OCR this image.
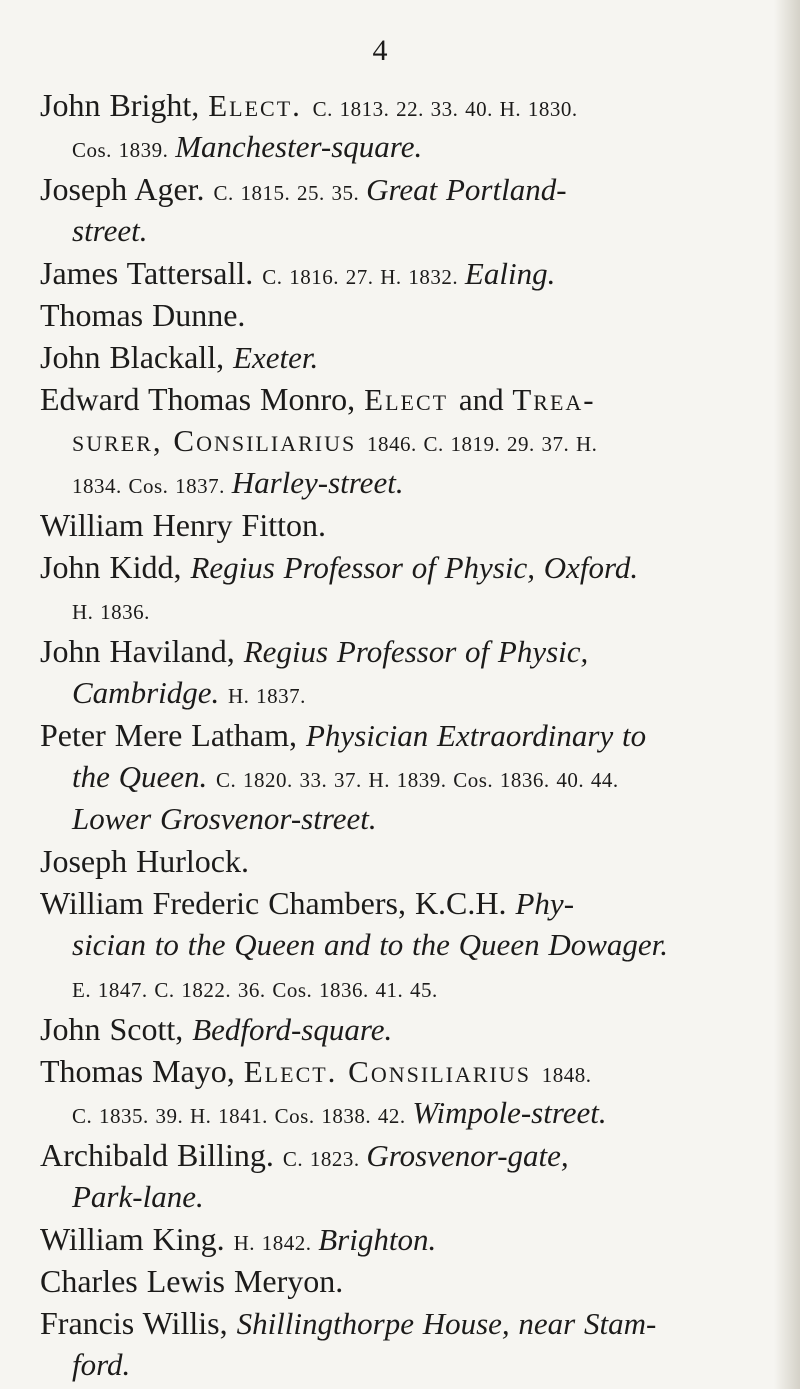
4
John Bright, Elect. C. 1813. 22. 33. 40. H. 1830.
Cos. 1839. Manchester-square.
Joseph Ager. C. 1815. 25. 35. Great Portland-
street.
James Tattersall. C. 1816. 27. H. 1832. Ealing.
Thomas Dunne.
John Blackall, Exeter.
Edward Thomas Monro, Elect and Trea-
surer, Consiliarius 1846. C. 1819. 29. 37. H.
1834. Cos. 1837. Harley-street.
William Henry Fitton.
John Kidd, Regius Professor of Physic, Oxford.
H. 1836.
John Haviland, Regius Professor of Physic,
Cambridge. H. 1837.
Peter Mere Latham, Physician Extraordinary to
the Queen. C. 1820. 33. 37. H. 1839. Cos. 1836. 40. 44.
Lower Grosvenor-street.
Joseph Hurlock.
William Frederic Chambers, K.C.H. Phy-
sician to the Queen and to the Queen Dowager.
E. 1847. C. 1822. 36. Cos. 1836. 41. 45.
John Scott, Bedford-square.
Thomas Mayo, Elect. Consiliarius 1848.
C. 1835. 39. H. 1841. Cos. 1838. 42. Wimpole-street.
Archibald Billing. C. 1823. Grosvenor-gate,
Park-lane.
William King. H. 1842. Brighton.
Charles Lewis Meryon.
Francis Willis, Shillingthorpe House, near Stam-
ford.
